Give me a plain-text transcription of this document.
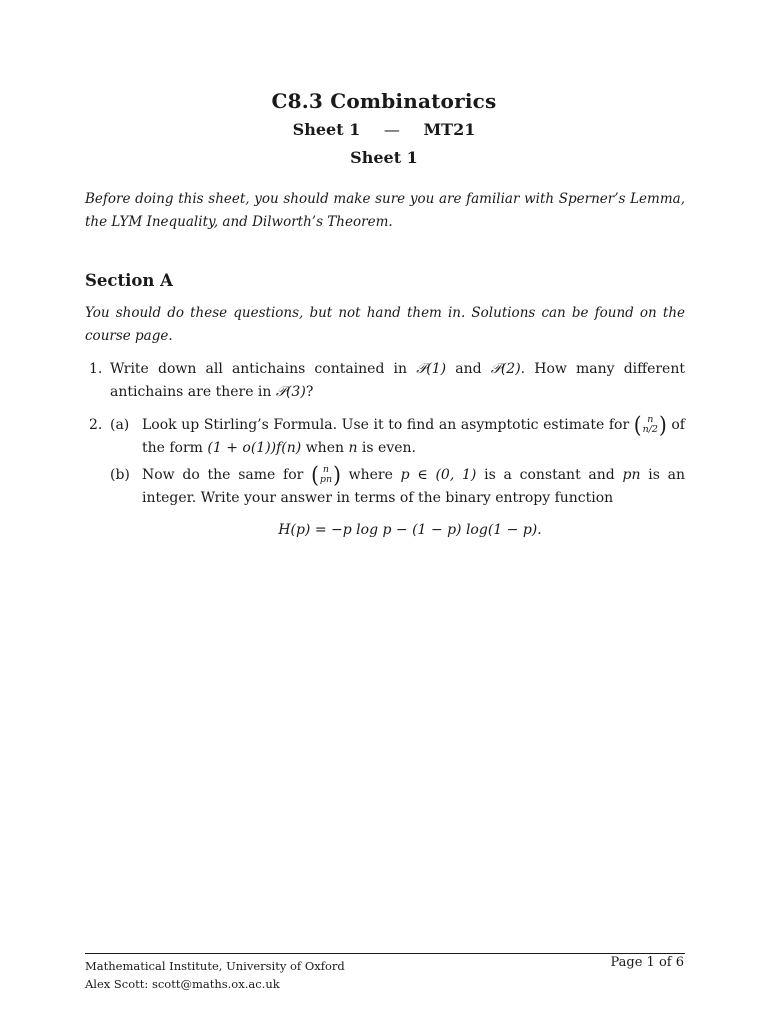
C8.3 Combinatorics
Sheet 1 — MT21
Sheet 1
Before doing this sheet, you should make sure you are familiar with Sperner’s Lemma, the LYM Inequality, and Dilworth’s Theorem.
Section A
You should do these questions, but not hand them in. Solutions can be found on the course page.
1. Write down all antichains contained in 𝒫(1) and 𝒫(2). How many different antichains are there in 𝒫(3)?
2. (a) Look up Stirling’s Formula. Use it to find an asymptotic estimate for ( n
n/2 ) of the form (1 + o(1))f(n) when n is even.
(b) Now do the same for ( n
pn ) where p ∈ (0, 1) is a constant and pn is an integer. Write your answer in terms of the binary entropy function
H(p) = −p log p − (1 − p) log(1 − p).
Mathematical Institute, University of Oxford
Alex Scott: scott@maths.ox.ac.uk
Page 1 of 6
